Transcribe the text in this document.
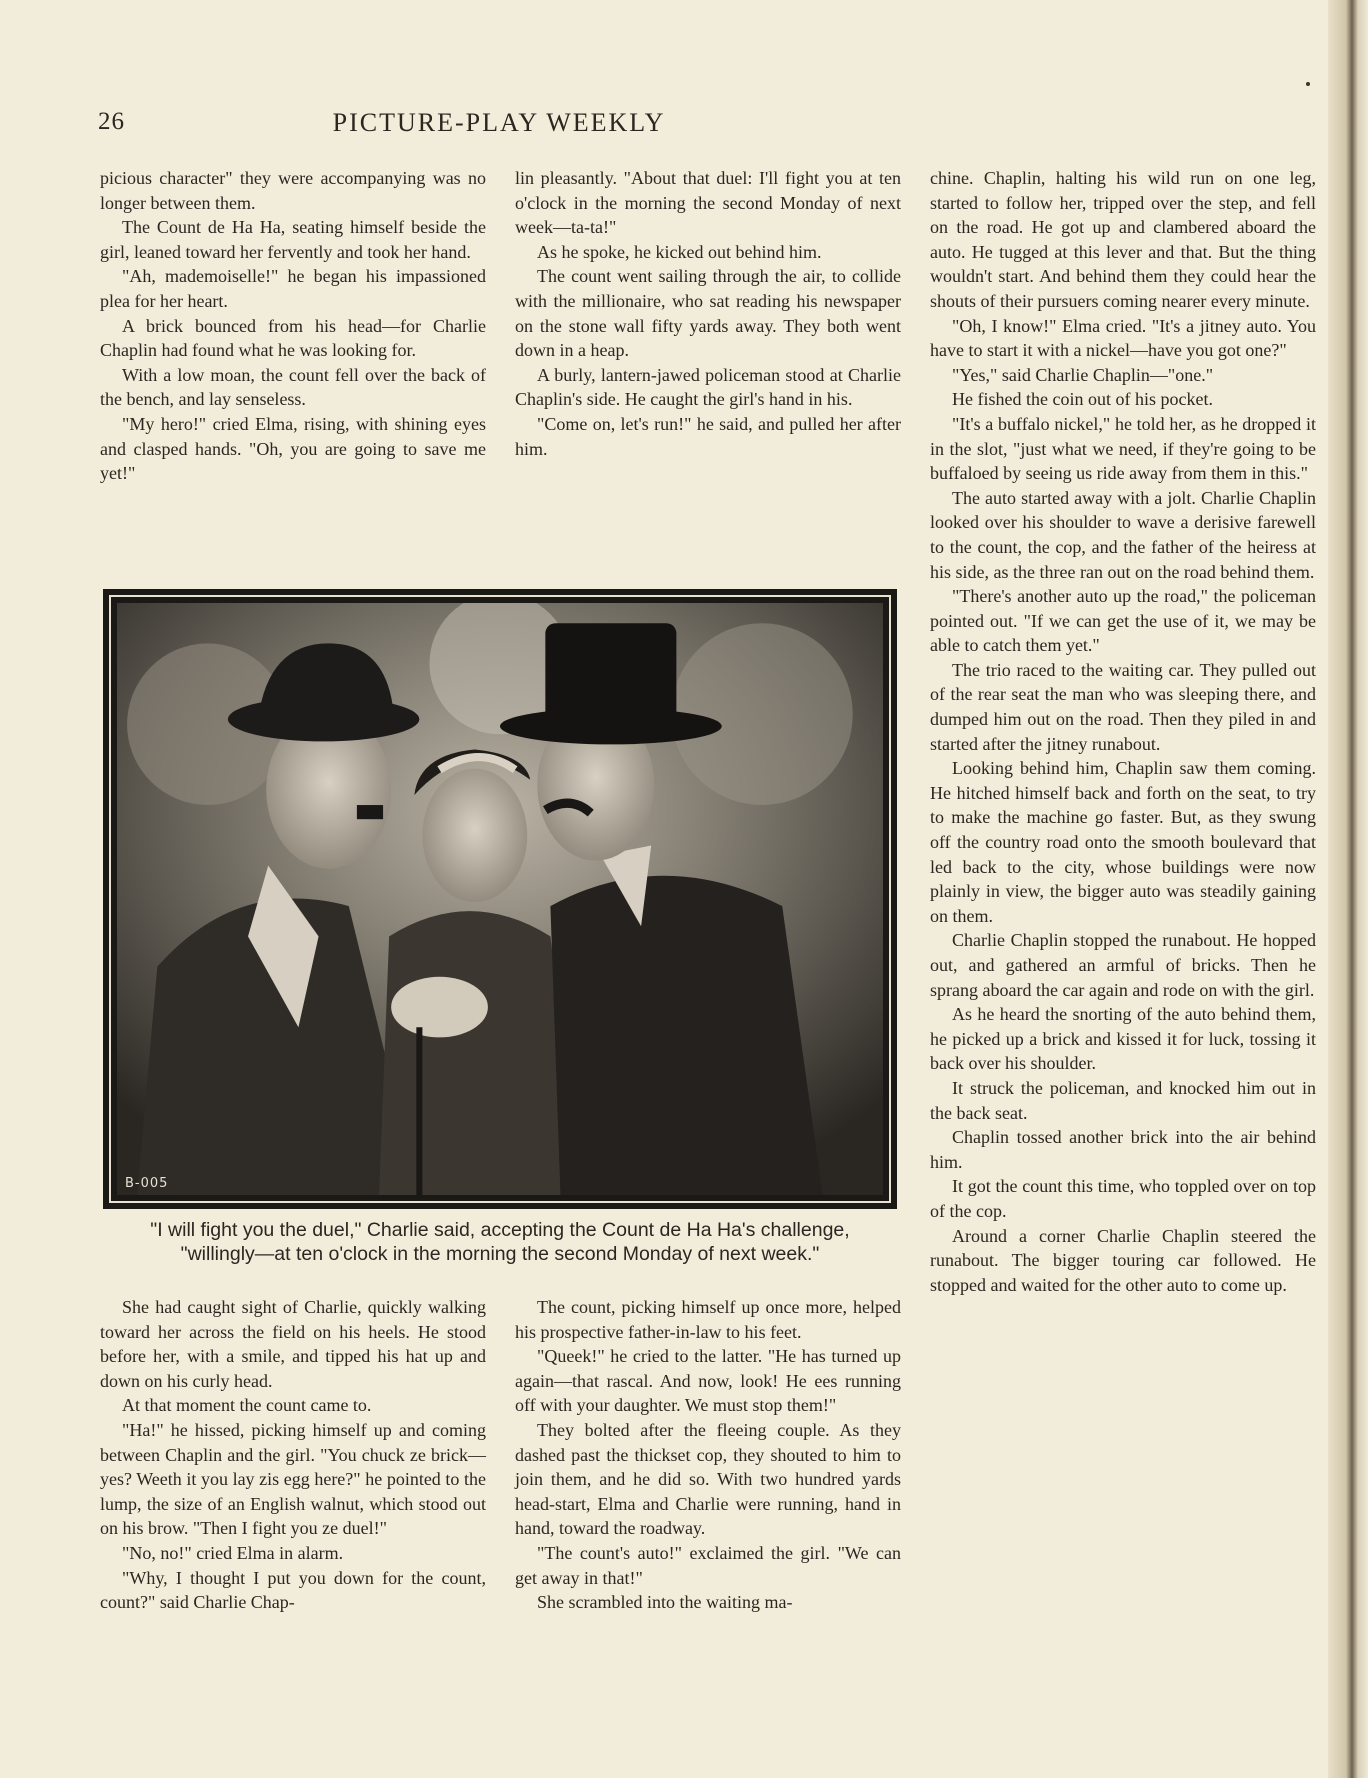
26	PICTURE-PLAY WEEKLY

picious character" they were accompanying was no longer between them.

The Count de Ha Ha, seating himself beside the girl, leaned toward her fervently and took her hand.

"Ah, mademoiselle!" he began his impassioned plea for her heart.

A brick bounced from his head—for Charlie Chaplin had found what he was looking for.

With a low moan, the count fell over the back of the bench, and lay senseless.

"My hero!" cried Elma, rising, with shining eyes and clasped hands. "Oh, you are going to save me yet!"

lin pleasantly. "About that duel: I'll fight you at ten o'clock in the morning the second Monday of next week—ta-ta!"

As he spoke, he kicked out behind him.

The count went sailing through the air, to collide with the millionaire, who sat reading his newspaper on the stone wall fifty yards away. They both went down in a heap.

A burly, lantern-jawed policeman stood at Charlie Chaplin's side. He caught the girl's hand in his.

"Come on, let's run!" he said, and pulled her after him.

chine. Chaplin, halting his wild run on one leg, started to follow her, tripped over the step, and fell on the road. He got up and clambered aboard the auto. He tugged at this lever and that. But the thing wouldn't start. And behind them they could hear the shouts of their pursuers coming nearer every minute.

"Oh, I know!" Elma cried. "It's a jitney auto. You have to start it with a nickel—have you got one?"

"Yes," said Charlie Chaplin—"one."

He fished the coin out of his pocket.

"It's a buffalo nickel," he told her, as he dropped it in the slot, "just what we need, if they're going to be buffaloed by seeing us ride away from them in this."

The auto started away with a jolt. Charlie Chaplin looked over his shoulder to wave a derisive farewell to the count, the cop, and the father of the heiress at his side, as the three ran out on the road behind them.

"There's another auto up the road," the policeman pointed out. "If we can get the use of it, we may be able to catch them yet."

The trio raced to the waiting car. They pulled out of the rear seat the man who was sleeping there, and dumped him out on the road. Then they piled in and started after the jitney runabout.

Looking behind him, Chaplin saw them coming. He hitched himself back and forth on the seat, to try to make the machine go faster. But, as they swung off the country road onto the smooth boulevard that led back to the city, whose buildings were now plainly in view, the bigger auto was steadily gaining on them.

Charlie Chaplin stopped the runabout. He hopped out, and gathered an armful of bricks. Then he sprang aboard the car again and rode on with the girl.

As he heard the snorting of the auto behind them, he picked up a brick and kissed it for luck, tossing it back over his shoulder.

It struck the policeman, and knocked him out in the back seat.

Chaplin tossed another brick into the air behind him.

It got the count this time, who toppled over on top of the cop.

Around a corner Charlie Chaplin steered the runabout. The bigger touring car followed. He stopped and waited for the other auto to come up.

B-005
"I will fight you the duel," Charlie said, accepting the Count de Ha Ha's challenge,
"willingly—at ten o'clock in the morning the second Monday of next week."

She had caught sight of Charlie, quickly walking toward her across the field on his heels. He stood before her, with a smile, and tipped his hat up and down on his curly head.

At that moment the count came to.

"Ha!" he hissed, picking himself up and coming between Chaplin and the girl. "You chuck ze brick—yes? Weeth it you lay zis egg here?" he pointed to the lump, the size of an English walnut, which stood out on his brow. "Then I fight you ze duel!"

"No, no!" cried Elma in alarm.

"Why, I thought I put you down for the count, count?" said Charlie Chap-

The count, picking himself up once more, helped his prospective father-in-law to his feet.

"Queek!" he cried to the latter. "He has turned up again—that rascal. And now, look! He ees running off with your daughter. We must stop them!"

They bolted after the fleeing couple. As they dashed past the thickset cop, they shouted to him to join them, and he did so. With two hundred yards head-start, Elma and Charlie were running, hand in hand, toward the roadway.

"The count's auto!" exclaimed the girl. "We can get away in that!"

She scrambled into the waiting ma-
